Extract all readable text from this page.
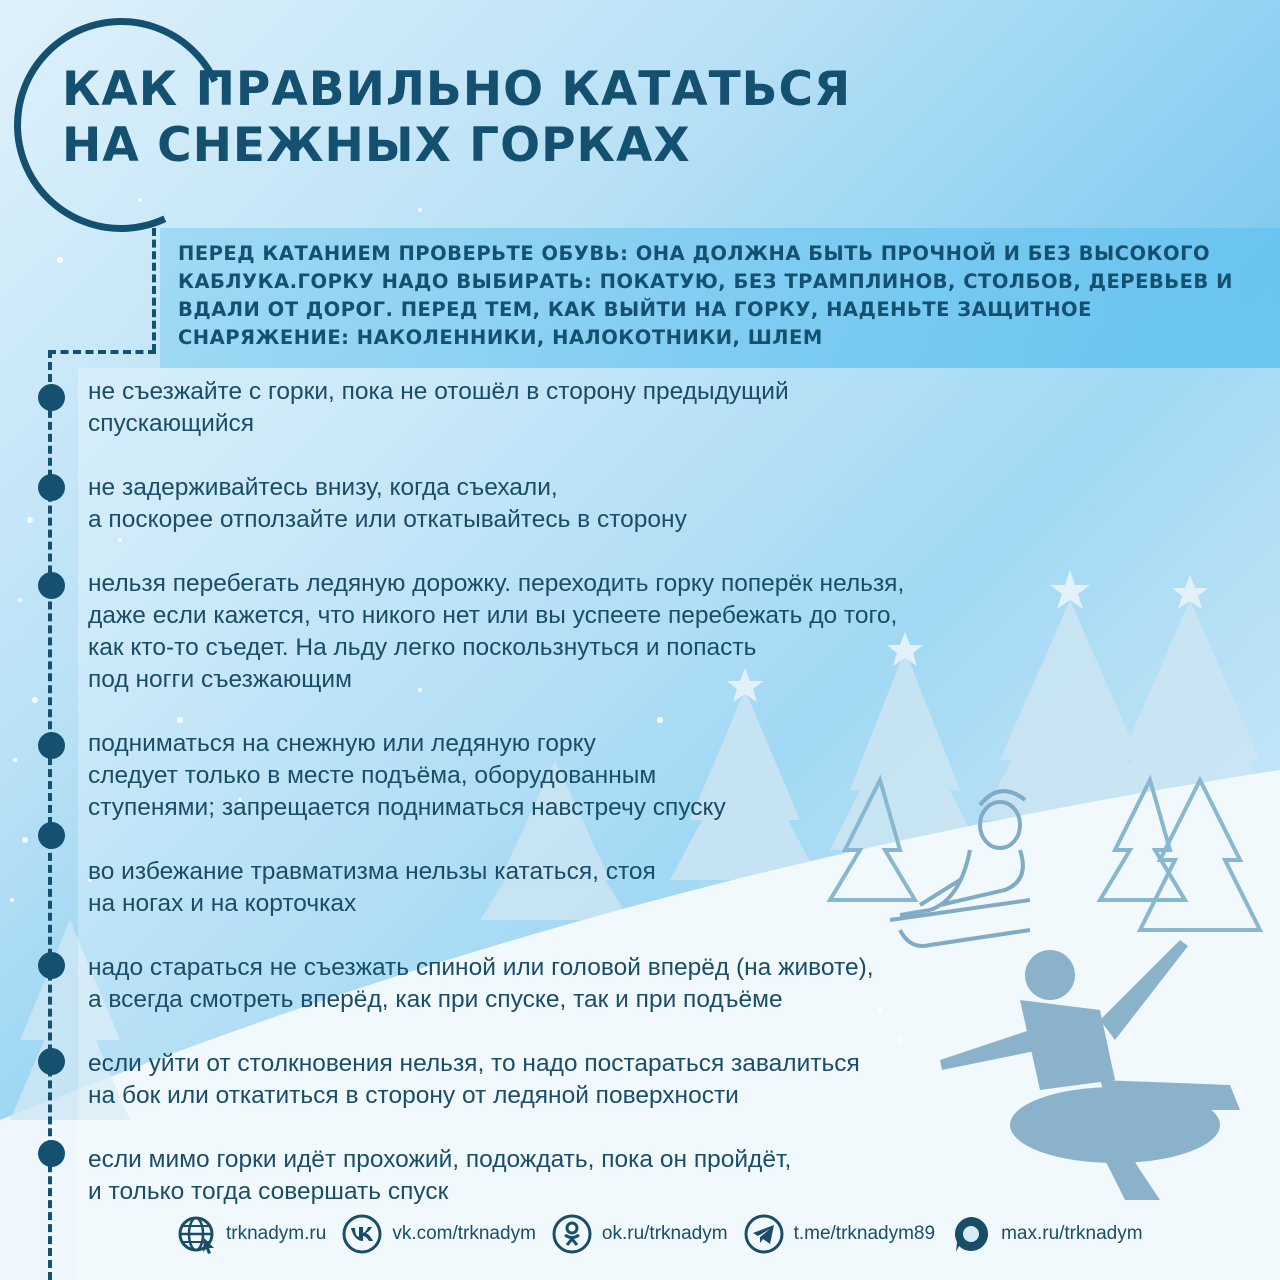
КАК ПРАВИЛЬНО КАТАТЬСЯ
НА СНЕЖНЫХ ГОРКАХ

ПЕРЕД КАТАНИЕМ ПРОВЕРЬТЕ ОБУВЬ: ОНА ДОЛЖНА БЫТЬ ПРОЧНОЙ И БЕЗ ВЫСОКОГО КАБЛУКА.ГОРКУ НАДО ВЫБИРАТЬ: ПОКАТУЮ, БЕЗ ТРАМПЛИНОВ, СТОЛБОВ, ДЕРЕВЬЕВ И ВДАЛИ ОТ ДОРОГ. ПЕРЕД ТЕМ, КАК ВЫЙТИ НА ГОРКУ, НАДЕНЬТЕ ЗАЩИТНОЕ СНАРЯЖЕНИЕ: НАКОЛЕННИКИ, НАЛОКОТНИКИ, ШЛЕМ

не съезжайте с горки, пока не отошёл в сторону предыдущий
спускающийся

не задерживайтесь внизу, когда съехали,
а поскорее отползайте или откатывайтесь в сторону

нельзя перебегать ледяную дорожку. переходить горку поперёк нельзя,
даже если кажется, что никого нет или вы успеете перебежать до того,
как кто-то съедет. На льду легко поскользнуться и попасть
под ногги съезжающим

подниматься на снежную или ледяную горку
следует только в месте подъёма, оборудованным
ступенями; запрещается подниматься навстречу спуску

во избежание травматизма нельзы кататься, стоя
на ногах и на корточках

надо стараться не съезжать спиной или головой вперёд (на животе),
а всегда смотреть вперёд, как при спуске, так и при подъёме

если уйти от столкновения нельзя, то надо постараться завалиться
на бок или откатиться в сторону от ледяной поверхности

если мимо горки идёт прохожий, подождать, пока он пройдёт,
и только тогда совершать спуск

trknadym.ru	vk.com/trknadym	ok.ru/trknadym	t.me/trknadym89	max.ru/trknadym
